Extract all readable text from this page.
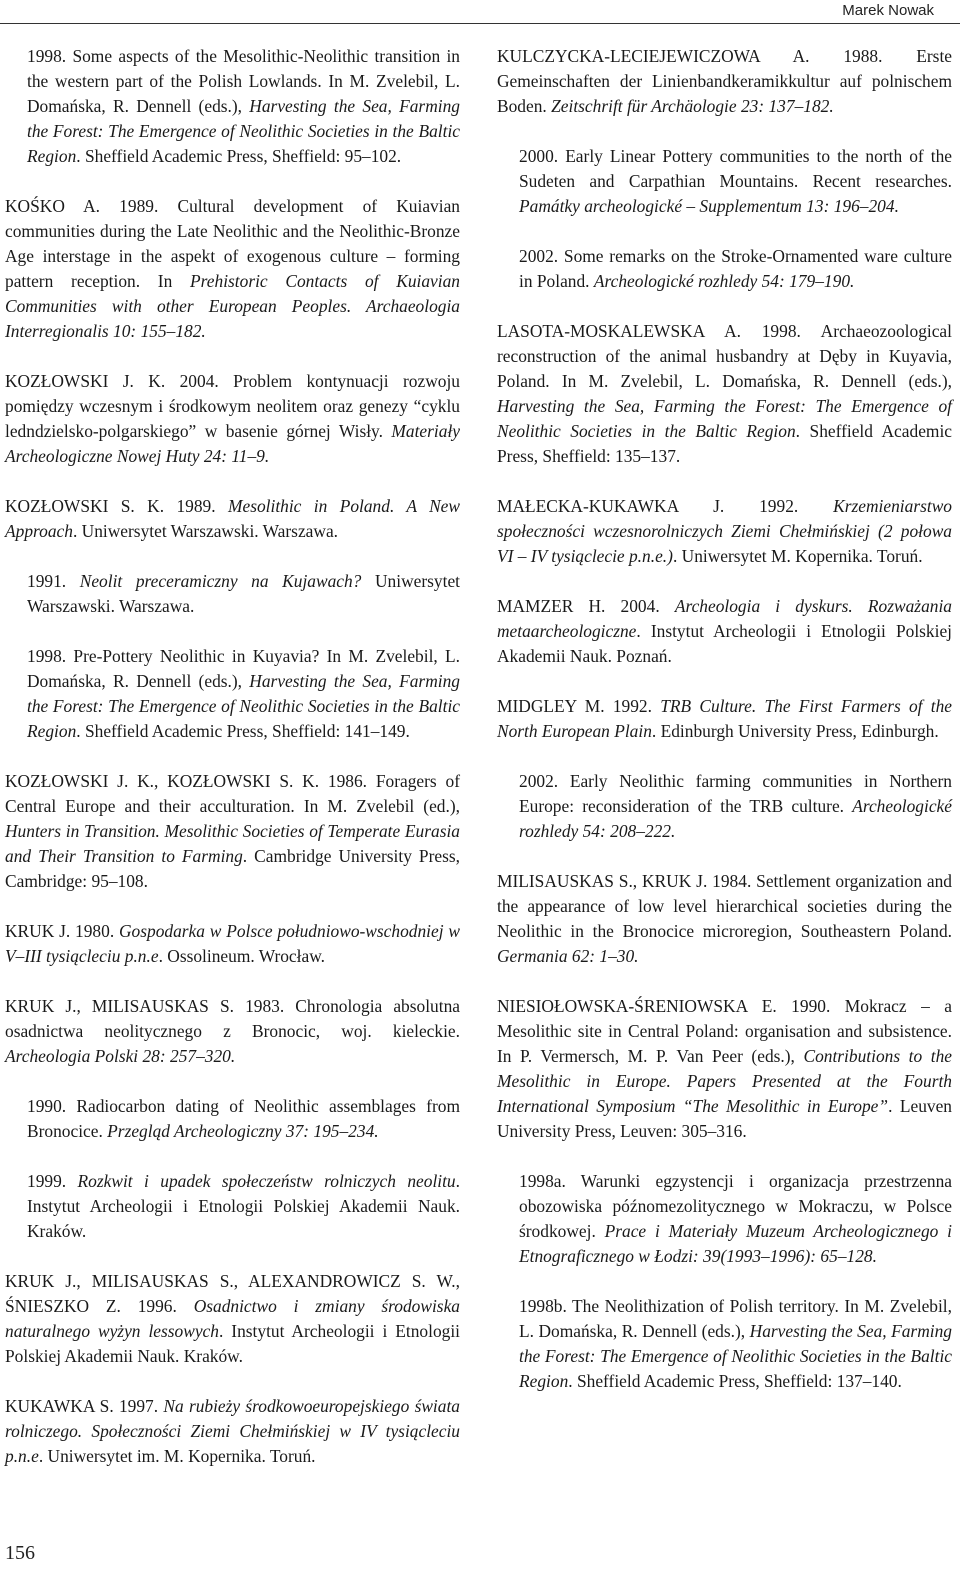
Marek Nowak

1998. Some aspects of the Mesolithic-Neolithic transition in the western part of the Polish Lowlands. In M. Zvelebil, L. Domańska, R. Dennell (eds.), Harvesting the Sea, Farming the Forest: The Emergence of Neolithic Societies in the Baltic Region. Sheffield Academic Press, Sheffield: 95–102.

KOŚKO A. 1989. Cultural development of Kuiavian communities during the Late Neolithic and the Neolithic-Bronze Age interstage in the aspekt of exogenous culture – forming pattern reception. In Prehistoric Contacts of Kuiavian Communities with other European Peoples. Archaeologia Interregionalis 10: 155–182.

KOZŁOWSKI J. K. 2004. Problem kontynuacji rozwoju pomiędzy wczesnym i środkowym neolitem oraz genezy “cyklu ledndzielsko-polgarskiego” w basenie górnej Wisły. Materiały Archeologiczne Nowej Huty 24: 11–9.

KOZŁOWSKI S. K. 1989. Mesolithic in Poland. A New Approach. Uniwersytet Warszawski. Warszawa.

1991. Neolit preceramiczny na Kujawach? Uniwersytet Warszawski. Warszawa.

1998. Pre-Pottery Neolithic in Kuyavia? In M. Zvelebil, L. Domańska, R. Dennell (eds.), Harvesting the Sea, Farming the Forest: The Emergence of Neolithic Societies in the Baltic Region. Sheffield Academic Press, Sheffield: 141–149.

KOZŁOWSKI J. K., KOZŁOWSKI S. K. 1986. Foragers of Central Europe and their acculturation. In M. Zvelebil (ed.), Hunters in Transition. Mesolithic Societies of Temperate Eurasia and Their Transition to Farming. Cambridge University Press, Cambridge: 95–108.

KRUK J. 1980. Gospodarka w Polsce południowo-wschodniej w V–III tysiącleciu p.n.e. Ossolineum. Wrocław.

KRUK J., MILISAUSKAS S. 1983. Chronologia absolutna osadnictwa neolitycznego z Bronocic, woj. kieleckie. Archeologia Polski 28: 257–320.

1990. Radiocarbon dating of Neolithic assemblages from Bronocice. Przegląd Archeologiczny 37: 195–234.

1999. Rozkwit i upadek społeczeństw rolniczych neolitu. Instytut Archeologii i Etnologii Polskiej Akademii Nauk. Kraków.

KRUK J., MILISAUSKAS S., ALEXANDROWICZ S. W., ŚNIESZKO Z. 1996. Osadnictwo i zmiany środowiska naturalnego wyżyn lessowych. Instytut Archeologii i Etnologii Polskiej Akademii Nauk. Kraków.

KUKAWKA S. 1997. Na rubieży środkowoeuropejskiego świata rolniczego. Społeczności Ziemi Chełmińskiej w IV tysiącleciu p.n.e. Uniwersytet im. M. Kopernika. Toruń.

KULCZYCKA-LECIEJEWICZOWA A. 1988. Erste Gemeinschaften der Linienbandkeramikkultur auf polnischem Boden. Zeitschrift für Archäologie 23: 137–182.

2000. Early Linear Pottery communities to the north of the Sudeten and Carpathian Mountains. Recent researches. Památky archeologické – Supplementum 13: 196–204.

2002. Some remarks on the Stroke-Ornamented ware culture in Poland. Archeologické rozhledy 54: 179–190.

LASOTA-MOSKALEWSKA A. 1998. Archaeozoological reconstruction of the animal husbandry at Dęby in Kuyavia, Poland. In M. Zvelebil, L. Domańska, R. Dennell (eds.), Harvesting the Sea, Farming the Forest: The Emergence of Neolithic Societies in the Baltic Region. Sheffield Academic Press, Sheffield: 135–137.

MAŁECKA-KUKAWKA J. 1992. Krzemieniarstwo społeczności wczesnorolniczych Ziemi Chełmińskiej (2 połowa VI – IV tysiąclecie p.n.e.). Uniwersytet M. Kopernika. Toruń.

MAMZER H. 2004. Archeologia i dyskurs. Rozważania metaarcheologiczne. Instytut Archeologii i Etnologii Polskiej Akademii Nauk. Poznań.

MIDGLEY M. 1992. TRB Culture. The First Farmers of the North European Plain. Edinburgh University Press, Edinburgh.

2002. Early Neolithic farming communities in Northern Europe: reconsideration of the TRB culture. Archeologické rozhledy 54: 208–222.

MILISAUSKAS S., KRUK J. 1984. Settlement organization and the appearance of low level hierarchical societies during the Neolithic in the Bronocice microregion, Southeastern Poland. Germania 62: 1–30.

NIESIOŁOWSKA-ŚRENIOWSKA E. 1990. Mokracz – a Mesolithic site in Central Poland: organisation and subsistence. In P. Vermersch, M. P. Van Peer (eds.), Contributions to the Mesolithic in Europe. Papers Presented at the Fourth International Symposium “The Mesolithic in Europe”. Leuven University Press, Leuven: 305–316.

1998a. Warunki egzystencji i organizacja przestrzenna obozowiska późnomezolitycznego w Mokraczu, w Polsce środkowej. Prace i Materiały Muzeum Archeologicznego i Etnograficznego w Łodzi: 39(1993–1996): 65–128.

1998b. The Neolithization of Polish territory. In M. Zvelebil, L. Domańska, R. Dennell (eds.), Harvesting the Sea, Farming the Forest: The Emergence of Neolithic Societies in the Baltic Region. Sheffield Academic Press, Sheffield: 137–140.

156
